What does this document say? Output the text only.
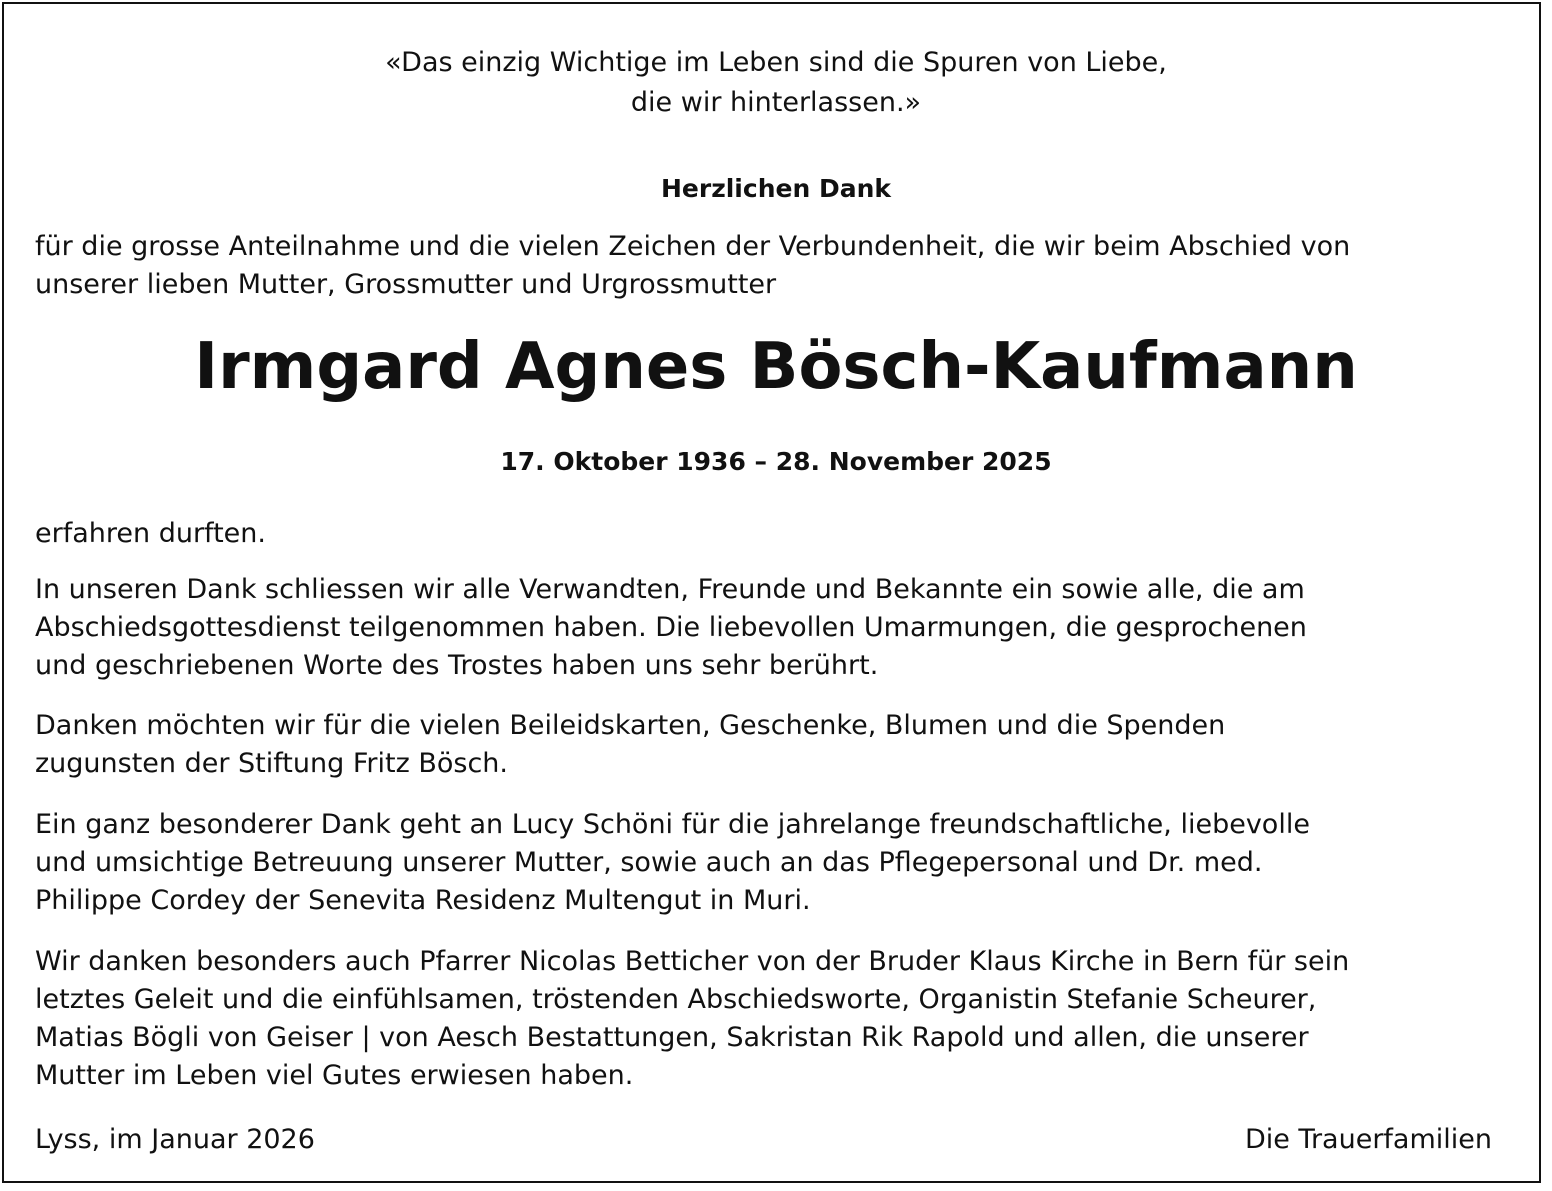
«Das einzig Wichtige im Leben sind die Spuren von Liebe,
die wir hinterlassen.»
Herzlichen Dank
für die grosse Anteilnahme und die vielen Zeichen der Verbundenheit, die wir beim Abschied von
unserer lieben Mutter, Grossmutter und Urgrossmutter
Irmgard Agnes Bösch-Kaufmann
17. Oktober 1936 – 28. November 2025
erfahren durften.
In unseren Dank schliessen wir alle Verwandten, Freunde und Bekannte ein sowie alle, die am
Abschiedsgottesdienst teilgenommen haben. Die liebevollen Umarmungen, die gesprochenen
und geschriebenen Worte des Trostes haben uns sehr berührt.
Danken möchten wir für die vielen Beileidskarten, Geschenke, Blumen und die Spenden
zugunsten der Stiftung Fritz Bösch.
Ein ganz besonderer Dank geht an Lucy Schöni für die jahrelange freundschaftliche, liebevolle
und umsichtige Betreuung unserer Mutter, sowie auch an das Pflegepersonal und Dr. med.
Philippe Cordey der Senevita Residenz Multengut in Muri.
Wir danken besonders auch Pfarrer Nicolas Betticher von der Bruder Klaus Kirche in Bern für sein
letztes Geleit und die einfühlsamen, tröstenden Abschiedsworte, Organistin Stefanie Scheurer,
Matias Bögli von Geiser | von Aesch Bestattungen, Sakristan Rik Rapold und allen, die unserer
Mutter im Leben viel Gutes erwiesen haben.
Lyss, im Januar 2026	Die Trauerfamilien
